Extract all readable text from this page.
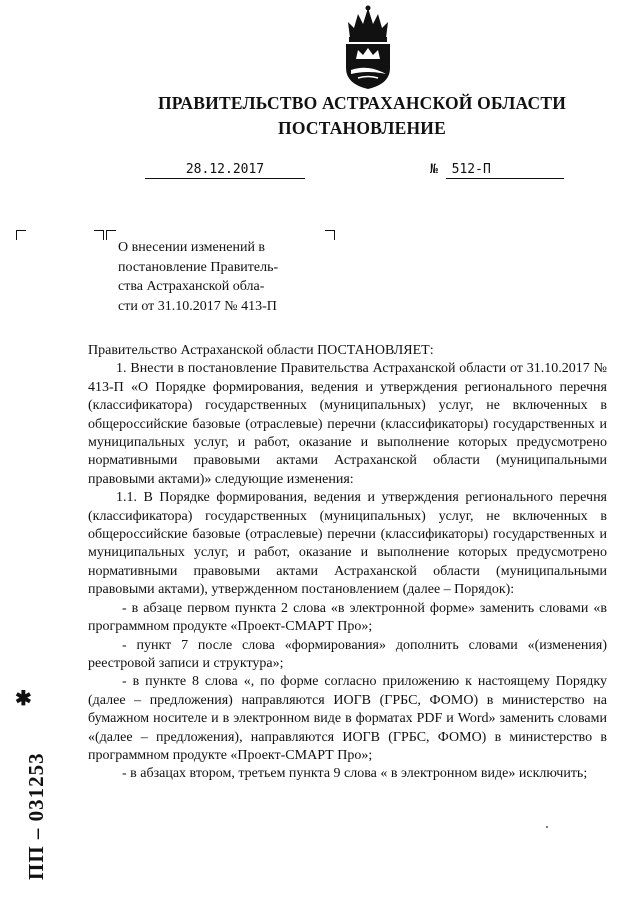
ПРАВИТЕЛЬСТВО АСТРАХАНСКОЙ ОБЛАСТИ
ПОСТАНОВЛЕНИЕ
28.12.2017	№ 512-П
О внесении изменений в
постановление Правитель-
ства Астраханской обла-
сти от 31.10.2017 № 413-П

Правительство Астраханской области ПОСТАНОВЛЯЕТ:

1. Внести в постановление Правительства Астраханской области от 31.10.2017 № 413-П «О Порядке формирования, ведения и утверждения регионального перечня (классификатора) государственных (муниципальных) услуг, не включенных в общероссийские базовые (отраслевые) перечни (классификаторы) государственных и муниципальных услуг, и работ, оказание и выполнение которых предусмотрено нормативными правовыми актами Астраханской области (муниципальными правовыми актами)» следующие изменения:

1.1. В Порядке формирования, ведения и утверждения регионального перечня (классификатора) государственных (муниципальных) услуг, не включенных в общероссийские базовые (отраслевые) перечни (классификаторы) государственных и муниципальных услуг, и работ, оказание и выполнение которых предусмотрено нормативными правовыми актами Астраханской области (муниципальными правовыми актами), утвержденном постановлением (далее – Порядок):

- в абзаце первом пункта 2 слова «в электронной форме» заменить словами «в программном продукте «Проект-СМАРТ Про»;

- пункт 7 после слова «формирования» дополнить словами «(изменения) реестровой записи и структура»;

- в пункте 8 слова «, по форме согласно приложению к настоящему Порядку (далее – предложения) направляются ИОГВ (ГРБС, ФОМО) в министерство на бумажном носителе и в электронном виде в форматах PDF и Word» заменить словами «(далее – предложения), направляются ИОГВ (ГРБС, ФОМО) в министерство в программном продукте «Проект-СМАРТ Про»;

- в абзацах втором, третьем пункта 9 слова « в электронном виде» исключить;

✱
ПП – 031253
